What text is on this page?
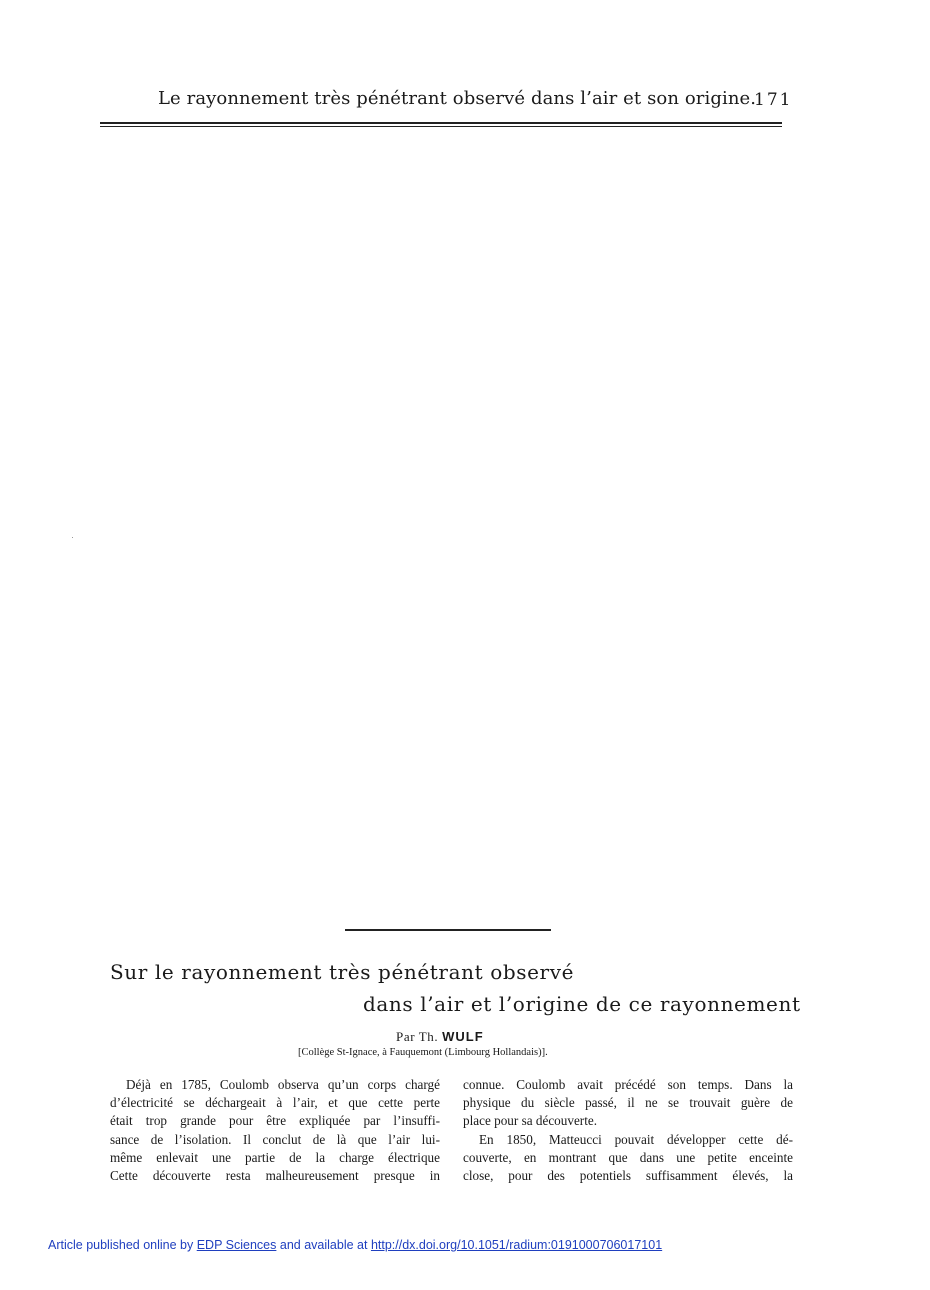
Le rayonnement très pénétrant observé dans l’air et son origine.
171
Sur le rayonnement très pénétrant observé
dans l’air et l’origine de ce rayonnement
Par Th. WULF
[Collège St-Ignace, à Fauquemont (Limbourg Hollandais)].
Déjà en 1785, Coulomb observa qu’un corps chargé
d’électricité se déchargeait à l’air, et que cette perte
était trop grande pour être expliquée par l’insuffi-
sance de l’isolation. Il conclut de là que l’air lui-
même enlevait une partie de la charge électrique
Cette découverte resta malheureusement presque in
connue. Coulomb avait précédé son temps. Dans la
physique du siècle passé, il ne se trouvait guère de
place pour sa découverte.
En 1850, Matteucci pouvait développer cette dé-
couverte, en montrant que dans une petite enceinte
close, pour des potentiels suffisamment élevés, la
Article published online by EDP Sciences and available at http://dx.doi.org/10.1051/radium:0191000706017101
